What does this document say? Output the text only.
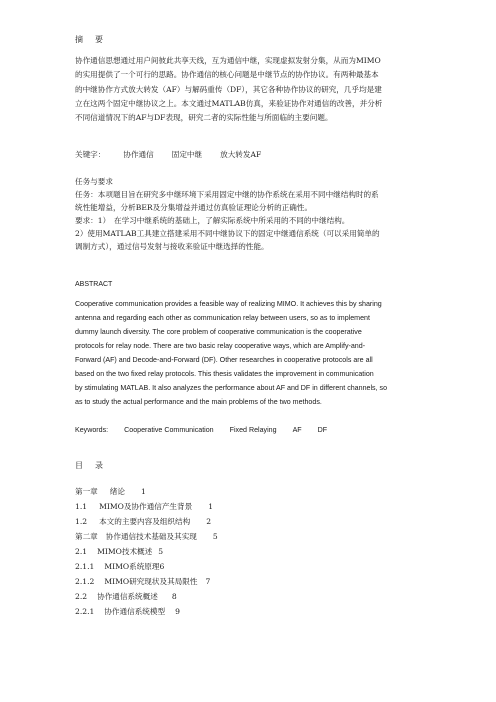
摘　要
协作通信思想通过用户间彼此共享天线，互为通信中继，实现虚拟发射分集，从而为MIMO
的实用提供了一个可行的思路。协作通信的核心问题是中继节点的协作协议。有两种最基本
的中继协作方式放大转发（AF）与解码重传（DF），其它各种协作协议的研究，几乎均是建
立在这两个固定中继协议之上。本文通过MATLAB仿真，来验证协作对通信的改善，并分析
不同信道情况下的AF与DF表现，研究二者的实际性能与所面临的主要问题。
关键字： 协作通信 固定中继 放大转发AF
任务与要求
任务：本项题目旨在研究多中继环境下采用固定中继的协作系统在采用不同中继结构时的系
统性能增益，分析BER及分集增益并通过仿真验证理论分析的正确性。
要求：1）　在学习中继系统的基础上，了解实际系统中所采用的不同的中继结构。
2）使用MATLAB工具建立搭建采用不同中继协议下的固定中继通信系统（可以采用简单的
调制方式），通过信号发射与接收来验证中继选择的性能。
ABSTRACT
Cooperative communication provides a feasible way of realizing MIMO. It achieves this by sharing
antenna and regarding each other as communication relay between users, so as to implement
dummy launch diversity. The core problem of cooperative communication is the cooperative
protocols for relay node. There are two basic relay cooperative ways, which are Amplify-and-
Forward (AF) and Decode-and-Forward (DF). Other researches in cooperative protocols are all
based on the two fixed relay protocols. This thesis validates the improvement in communication
by stimulating MATLAB. It also analyzes the performance about AF and DF in different channels, so
as to study the actual performance and the main problems of the two methods.
Keywords: Cooperative Communication Fixed Relaying AF DF
目　录
第一章 绪论 1
1.1 MIMO及协作通信产生背景 1
1.2 本文的主要内容及组织结构 2
第二章 协作通信技术基础及其实现 5
2.1 MIMO技术概述 5
2.1.1 MIMO系统原理6
2.1.2 MIMO研究现状及其局限性 7
2.2 协作通信系统概述 8
2.2.1 协作通信系统模型 9
